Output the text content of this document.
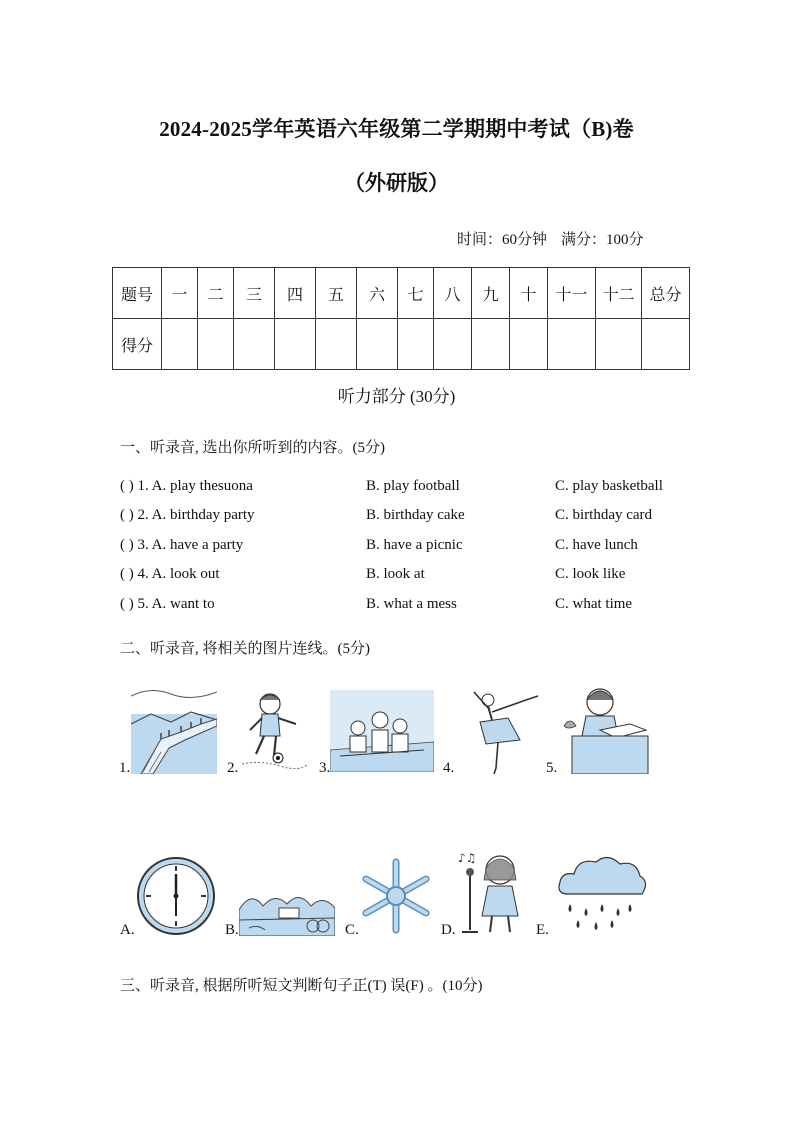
2024-2025学年英语六年级第二学期期中考试（B)卷
（外研版）
时间：60分钟 满分：100分
题号	一	二	三	四	五	六	七	八	九	十	十一	十二	总分
得分													
听力部分 (30分)
一、听录音, 选出你所听到的内容。(5分)
( ) 1. A. play thesuona	B. play football	C. play basketball
( ) 2. A. birthday party	B. birthday cake	C. birthday card
( ) 3. A. have a party	B. have a picnic	C. have lunch
( ) 4. A. look out	B. look at	C. look like
( ) 5. A. want to	B. what a mess	C. what time
二、听录音, 将相关的图片连线。(5分)
1.	2.	3.	4.	5.
A.	B.	C.	D.
♪♫
E.
三、听录音, 根据所听短文判断句子正(T) 误(F) 。(10分)
